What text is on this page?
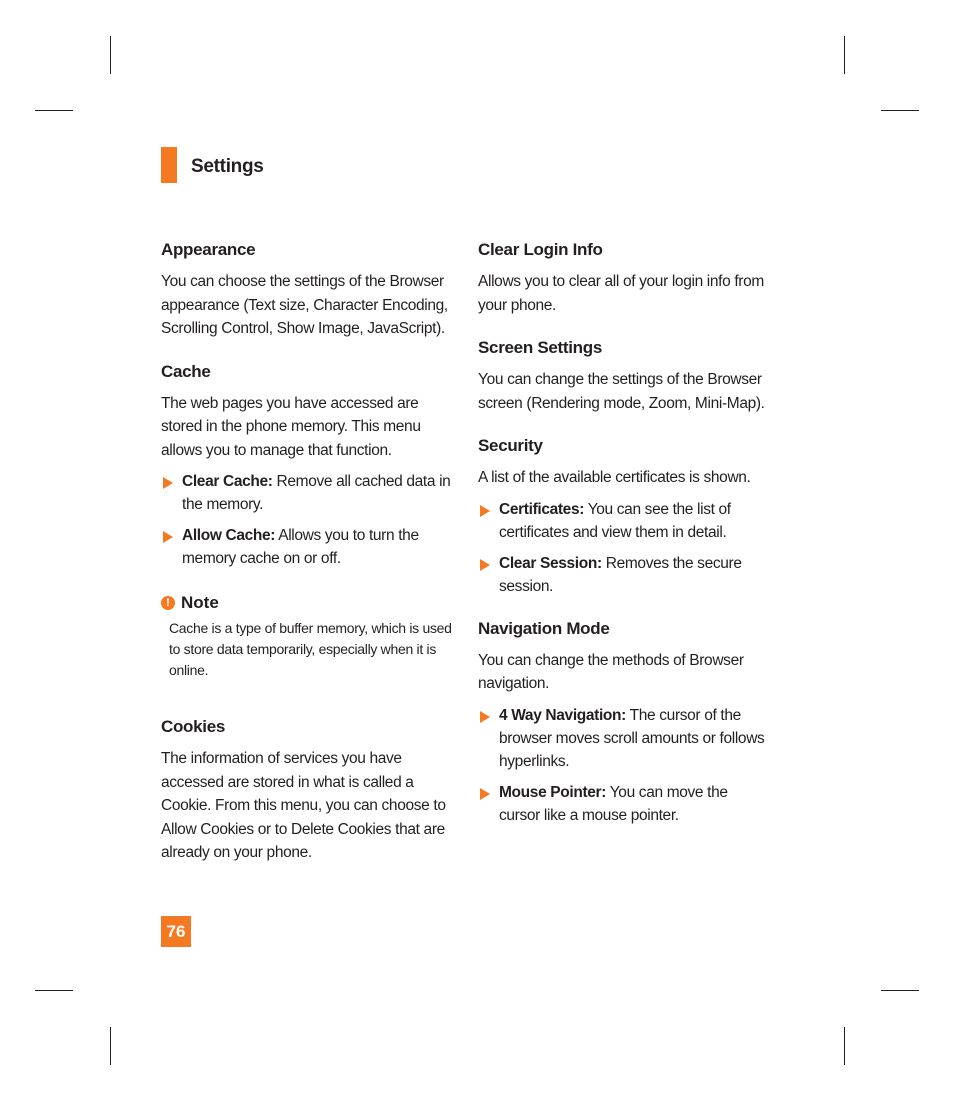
Settings
Appearance

You can choose the settings of the Browser appearance (Text size, Character Encoding, Scrolling Control, Show Image, JavaScript).

Cache

The web pages you have accessed are stored in the phone memory. This menu allows you to manage that function.

Clear Cache: Remove all cached data in the memory.
Allow Cache: Allows you to turn the memory cache on or off.
! Note
Cache is a type of buffer memory, which is used to store data temporarily, especially when it is online.
Cookies

The information of services you have accessed are stored in what is called a Cookie. From this menu, you can choose to Allow Cookies or to Delete Cookies that are already on your phone.

Clear Login Info

Allows you to clear all of your login info from your phone.

Screen Settings

You can change the settings of the Browser screen (Rendering mode, Zoom, Mini-Map).

Security

A list of the available certificates is shown.

Certificates: You can see the list of certificates and view them in detail.
Clear Session: Removes the secure session.
Navigation Mode

You can change the methods of Browser navigation.

4 Way Navigation: The cursor of the browser moves scroll amounts or follows hyperlinks.
Mouse Pointer: You can move the cursor like a mouse pointer.
76
